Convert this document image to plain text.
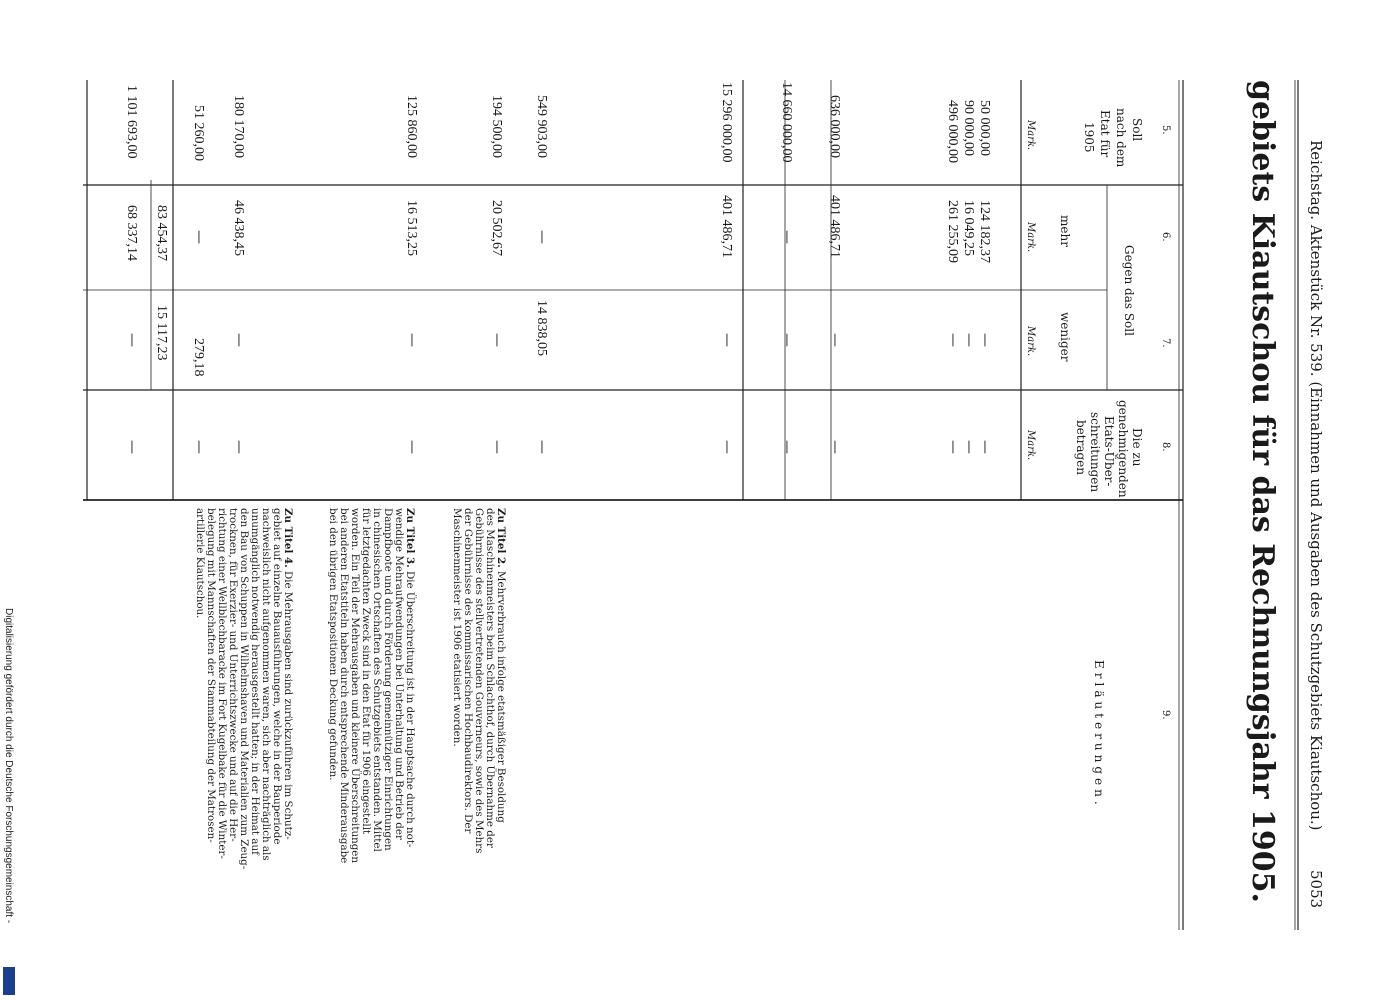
Reichstag. Aktenstück Nr. 539. (Einnahmen und Ausgaben des Schutzgebiets Kiautschou.)
5053
gebiets Kiautschou für das Rechnungsjahr 1905.
5.
6.
7.
8.
9.
Soll
nach dem
Etat für
1905
Mark.
Gegen das Soll
mehr
Mark.
weniger
Mark.
Die zu
genehmigenden
Etats-Über-
schreitungen
betragen
Mark.
Erläuterungen.
50 000,00
90 000,00
496 000,00
124 182,37
16 049,25
261 255,09
—
—
—
—
—
—
636 000,00
401 486,71
—
—
14 660 000,00
—
—
—
15 296 000,00
401 486,71
—
—
549 903,00
—
14 838,05
—
194 500,00
20 502,67
—
—
125 860,00
16 513,25
—
—
180 170,00
46 438,45
—
—
51 260,00
—
279,18
—
83 454,37
15 117,23
1 101 693,00
68 337,14
—
—
Zu Titel 2. Mehrverbrauch infolge etatsmäßiger Besoldung
des Maschinenmeisters beim Schlachthof, durch Übernahme der
Gebührnisse des stellvertretenden Gouverneurs, sowie des Mehrs
der Gebührnisse des kommissarischen Hochbaudirektors. Der
Maschinenmeister ist 1906 etatisiert worden.
Zu Titel 3. Die Überschreitung ist in der Hauptsache durch not-
wendige Mehraufwendungen bei Unterhaltung und Betrieb der
Dampfboote und durch Förderung gemeinnütziger Einrichtungen
in chinesischen Ortschaften des Schutzgebiets entstanden. Mittel
für letztgedachten Zweck sind in den Etat für 1906 eingestellt
worden. Ein Teil der Mehrausgaben und kleinere Überschreitungen
bei anderen Etatstiteln haben durch entsprechende Minderausgabe
bei den übrigen Etatspositionen Deckung gefunden.
Zu Titel 4. Die Mehrausgaben sind zurückzuführen im Schutz-
gebiet auf einzelne Bauausführungen, welche in der Bauperiode
nachweislich nicht aufgenommen waren, sich aber nachträglich als
unumgänglich notwendig herausgestellt hatten; in der Heimat auf
den Bau von Schuppen in Wilhelmshaven und Materialien zum Zeug-
trocknen, für Exerzier- und Unterrichtszwecke und auf die Her-
richtung einer Wellblechbaracke im Fort Kugelbake für die Winter-
belegung mit Mannschaften der Stammabteilung der Matrosen-
artillerie Kiautschou.
Digitalisierung gefördert durch die Deutsche Forschungsgemeinschaft -
